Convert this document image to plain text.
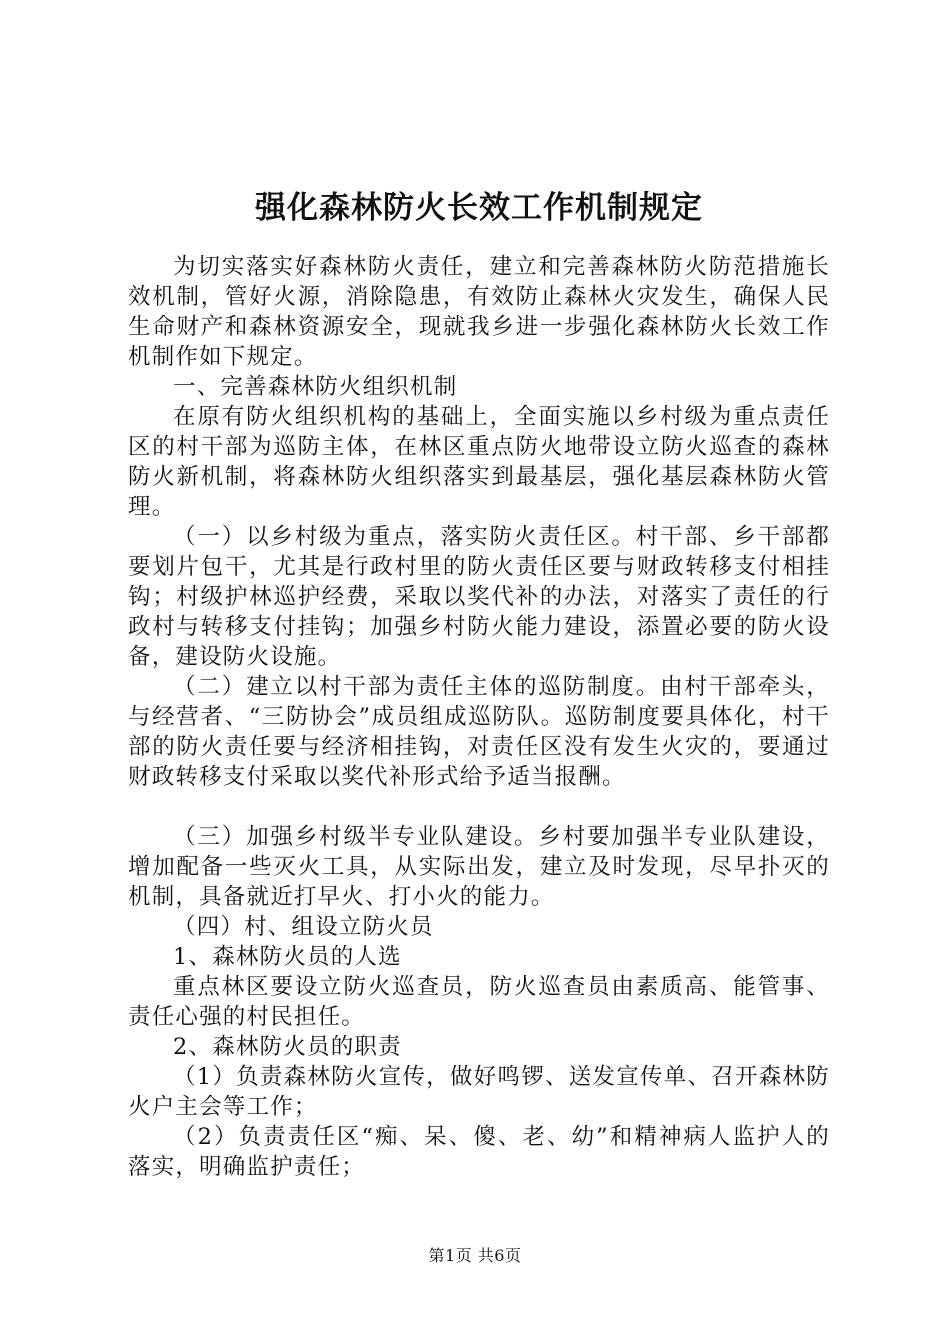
强化森林防火长效工作机制规定

为切实落实好森林防火责任，建立和完善森林防火防范措施长效机制，管好火源，消除隐患，有效防止森林火灾发生，确保人民生命财产和森林资源安全，现就我乡进一步强化森林防火长效工作机制作如下规定。

一、完善森林防火组织机制

在原有防火组织机构的基础上，全面实施以乡村级为重点责任区的村干部为巡防主体，在林区重点防火地带设立防火巡查的森林防火新机制，将森林防火组织落实到最基层，强化基层森林防火管理。

（一）以乡村级为重点，落实防火责任区。村干部、乡干部都要划片包干，尤其是行政村里的防火责任区要与财政转移支付相挂钩；村级护林巡护经费，采取以奖代补的办法，对落实了责任的行政村与转移支付挂钩；加强乡村防火能力建设，添置必要的防火设备，建设防火设施。

（二）建立以村干部为责任主体的巡防制度。由村干部牵头，与经营者、“三防协会”成员组成巡防队。巡防制度要具体化，村干部的防火责任要与经济相挂钩，对责任区没有发生火灾的，要通过财政转移支付采取以奖代补形式给予适当报酬。

（三）加强乡村级半专业队建设。乡村要加强半专业队建设，增加配备一些灭火工具，从实际出发，建立及时发现，尽早扑灭的机制，具备就近打早火、打小火的能力。

（四）村、组设立防火员

1、森林防火员的人选

重点林区要设立防火巡查员，防火巡查员由素质高、能管事、责任心强的村民担任。

2、森林防火员的职责

（1）负责森林防火宣传，做好鸣锣、送发宣传单、召开森林防火户主会等工作；

（2）负责责任区“痴、呆、傻、老、幼”和精神病人监护人的落实，明确监护责任；

第1页 共6页
